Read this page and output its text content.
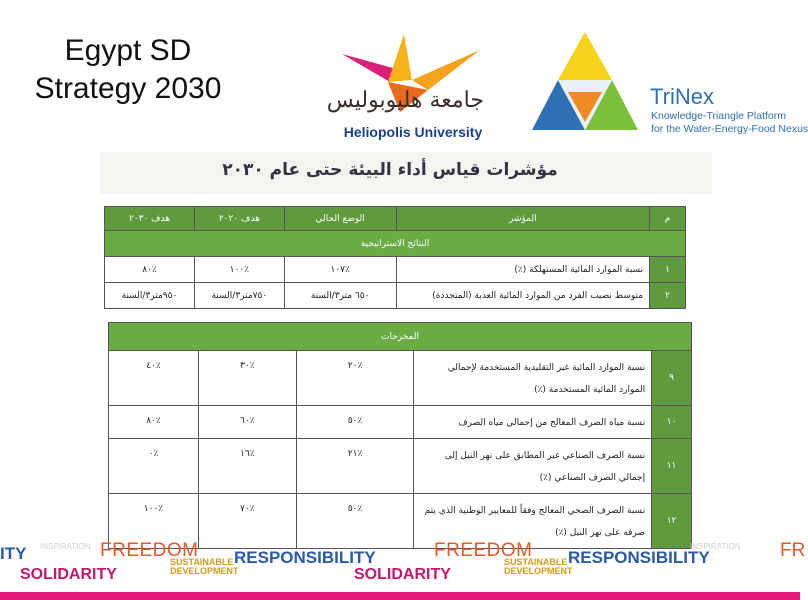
Egypt SD
Strategy 2030	جامعة هليوبوليس
Heliopolis University
TriNex
Knowledge-Triangle Platform
for the Water-Energy-Food Nexus
مؤشرات قياس أداء البيئة حتى عام ٢٠٣٠
م	المؤشر	الوضع الحالي	هدف ٢٠٢٠	هدف ٢٠٣٠
النتائج الاستراتيجية				
١	نسبة الموارد المائية المستهلكة (٪)	٪١٠٧	٪١٠٠	٪٨٠
٢	متوسط نصيب الفرد من الموارد المائية العذبة (المتجددة)	٦٥٠ متر٣/السنة	٧٥٠متر٣/السنة	٩٥٠متر٣/السنة
المخرجات				
٩	نسبة الموارد المائية غير التقليدية المستخدمة لإجمالي الموارد المائية المستخدمة (٪)	٪٢٠	٪٣٠	٪٤٠
١٠	نسبة مياه الصرف المعالج من إجمالي مياه الصرف	٪٥٠	٪٦٠	٪٨٠
١١	نسبة الصرف الصناعي غير المطابق على نهر النيل إلى إجمالي الصرف الصناعي (٪)	٪٢١	٪١٦	٪٠
١٢	نسبة الصرف الصحي المعالج وفقاً للمعايير الوطنية الذي يتم صرفه على نهر النيل (٪)	٪٥٠	٪٧٠	٪١٠٠
INSPIRATION
ITY	FREEDOM RESPONSIBILITY
SOLIDARITY
SUSTAINABLE
DEVELOPMENT
FREEDOM RESPONSIBILITY
SOLIDARITY
SUSTAINABLE
DEVELOPMENT
INSPIRATION FR
